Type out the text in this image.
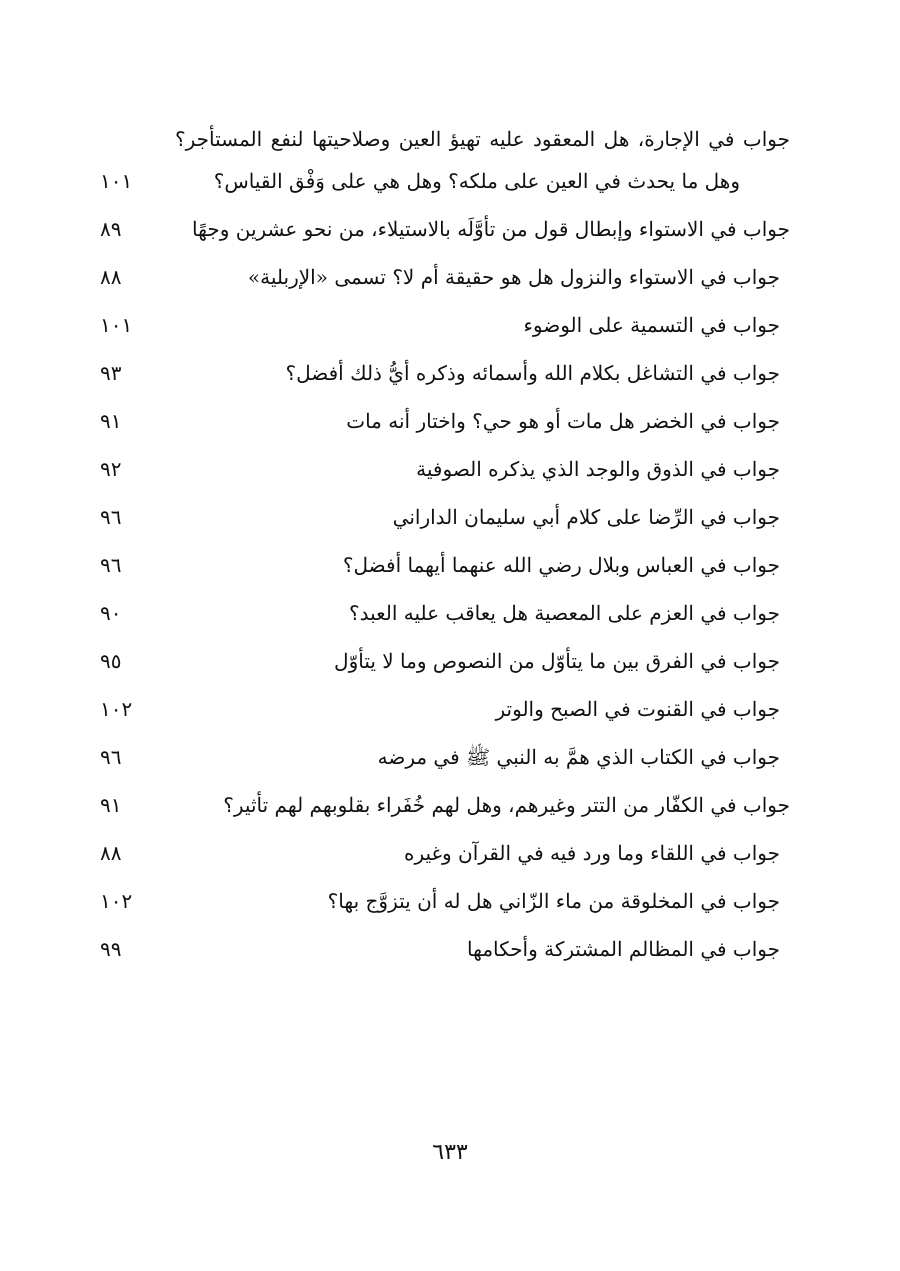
جواب في الإجارة، هل المعقود عليه تهيؤ العين وصلاحيتها لنفع المستأجر؟ وهل ما يحدث في العين على ملكه؟ وهل هي على وَفْق القياس؟
١٠١
جواب في الاستواء وإبطال قول من تأوَّلَه بالاستيلاء، من نحو عشرين وجهًا
٨٩
جواب في الاستواء والنزول هل هو حقيقة أم لا؟ تسمى «الإربلية»
٨٨
جواب في التسمية على الوضوء
١٠١
جواب في التشاغل بكلام الله وأسمائه وذكره أيُّ ذلك أفضل؟
٩٣
جواب في الخضر هل مات أو هو حي؟ واختار أنه مات
٩١
جواب في الذوق والوجد الذي يذكره الصوفية
٩٢
جواب في الرِّضا على كلام أبي سليمان الداراني
٩٦
جواب في العباس وبلال رضي الله عنهما أيهما أفضل؟
٩٦
جواب في العزم على المعصية هل يعاقب عليه العبد؟
٩٠
جواب في الفرق بين ما يتأوّل من النصوص وما لا يتأوّل
٩٥
جواب في القنوت في الصبح والوتر
١٠٢
جواب في الكتاب الذي همَّ به النبي ﷺ في مرضه
٩٦
جواب في الكفّار من التتر وغيرهم، وهل لهم خُفَراء بقلوبهم لهم تأثير؟
٩١
جواب في اللقاء وما ورد فيه في القرآن وغيره
٨٨
جواب في المخلوقة من ماء الزّاني هل له أن يتزوَّج بها؟
١٠٢
جواب في المظالم المشتركة وأحكامها
٩٩
٦٣٣
